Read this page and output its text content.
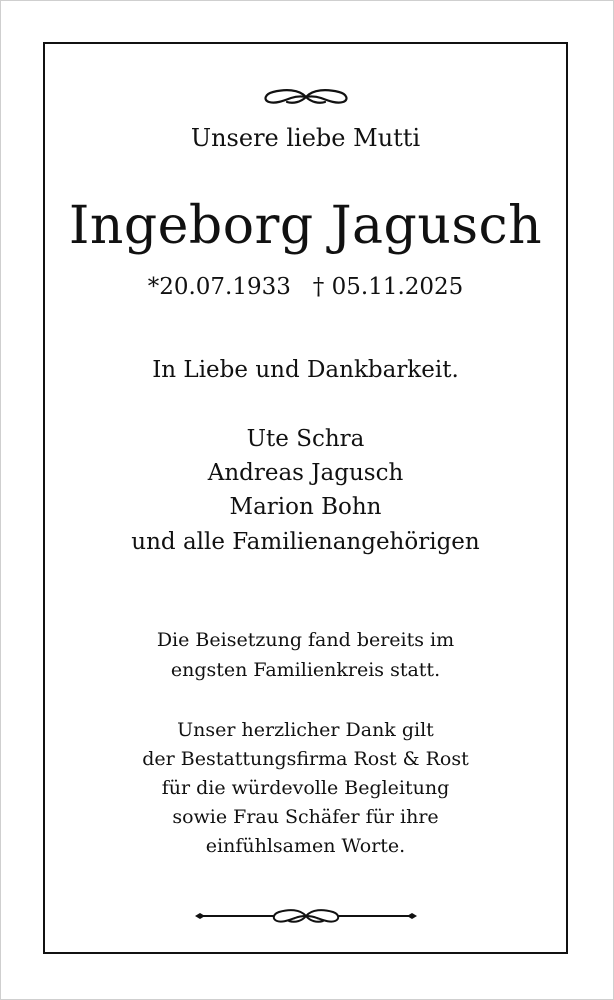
Unsere liebe Mutti
Ingeborg Jagusch
*20.07.1933   † 05.11.2025
In Liebe und Dankbarkeit.
Ute Schra
Andreas Jagusch
Marion Bohn
und alle Familienangehörigen
Die Beisetzung fand bereits im
engsten Familienkreis statt.
Unser herzlicher Dank gilt
der Bestattungsfirma Rost & Rost
für die würdevolle Begleitung
sowie Frau Schäfer für ihre
einfühlsamen Worte.
